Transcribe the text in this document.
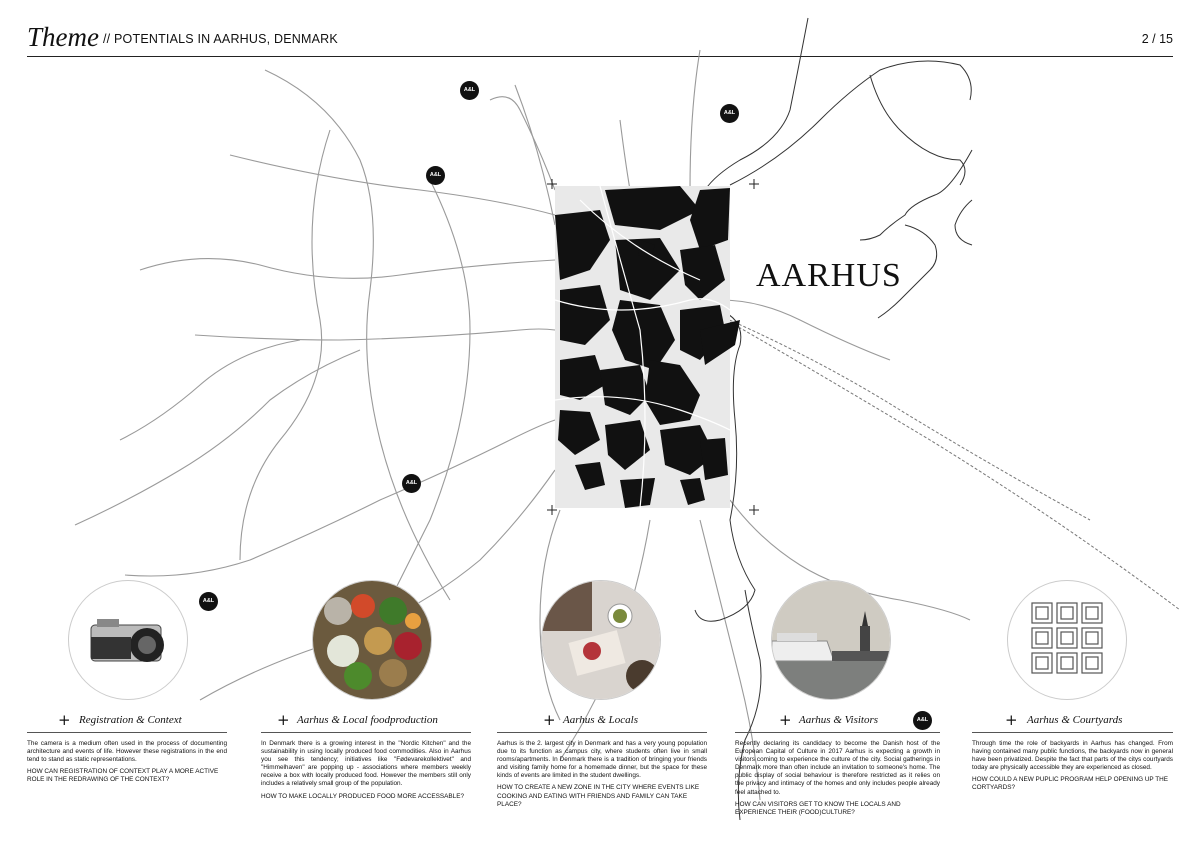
Theme // POTENTIALS IN AARHUS, DENMARK	2 / 15
AARHUS
A&L
A&L
A&L
A&L
A&L
A&L
+ Registration & Context	+ Aarhus & Local foodproduction	+ Aarhus & Locals	+ Aarhus & Visitors	+ Aarhus & Courtyards

The camera is a medium often used in the process of documenting architecture and events of life. However these registrations in the end tend to stand as static representations.

HOW CAN REGISTRATION OF CONTEXT PLAY A MORE ACTIVE ROLE IN THE REDRAWING OF THE CONTEXT?

In Denmark there is a growing interest in the "Nordic Kitchen" and the sustainability in using locally produced food commodities. Also in Aarhus you see this tendency; initiatives like "Fødevarekollektivet" and "Himmelhaven" are popping up - associations where members weekly receive a box with locally produced food. However the members still only includes a relatively small group of the population.

HOW TO MAKE LOCALLY PRODUCED FOOD MORE ACCESSABLE?

Aarhus is the 2. largest city in Denmark and has a very young population due to its function as campus city, where students often live in small rooms/apartments. In Denmark there is a tradition of bringing your friends and visiting family home for a homemade dinner, but the space for these kinds of events are limited in the student dwellings.

HOW TO CREATE A NEW ZONE IN THE CITY WHERE EVENTS LIKE COOKING AND EATING WITH FRIENDS AND FAMILY CAN TAKE PLACE?

Recently declaring its candidacy to become the Danish host of the European Capital of Culture in 2017 Aarhus is expecting a growth in visitors coming to experience the culture of the city. Social gatherings in Denmark more than often include an invitation to someone's home. The public display of social behaviour is therefore restricted as it relies on the privacy and intimacy of the homes and only includes people already feel attached to.

HOW CAN VISITORS GET TO KNOW THE LOCALS AND EXPERIENCE THEIR (FOOD)CULTURE?

Through time the role of backyards in Aarhus has changed. From having contained many public functions, the backyards now in general have been privatized. Despite the fact that parts of the citys courtyards today are physically accessible they are experienced as closed.

HOW COULD A NEW PUPLIC PROGRAM HELP OPENING UP THE CORTYARDS?
